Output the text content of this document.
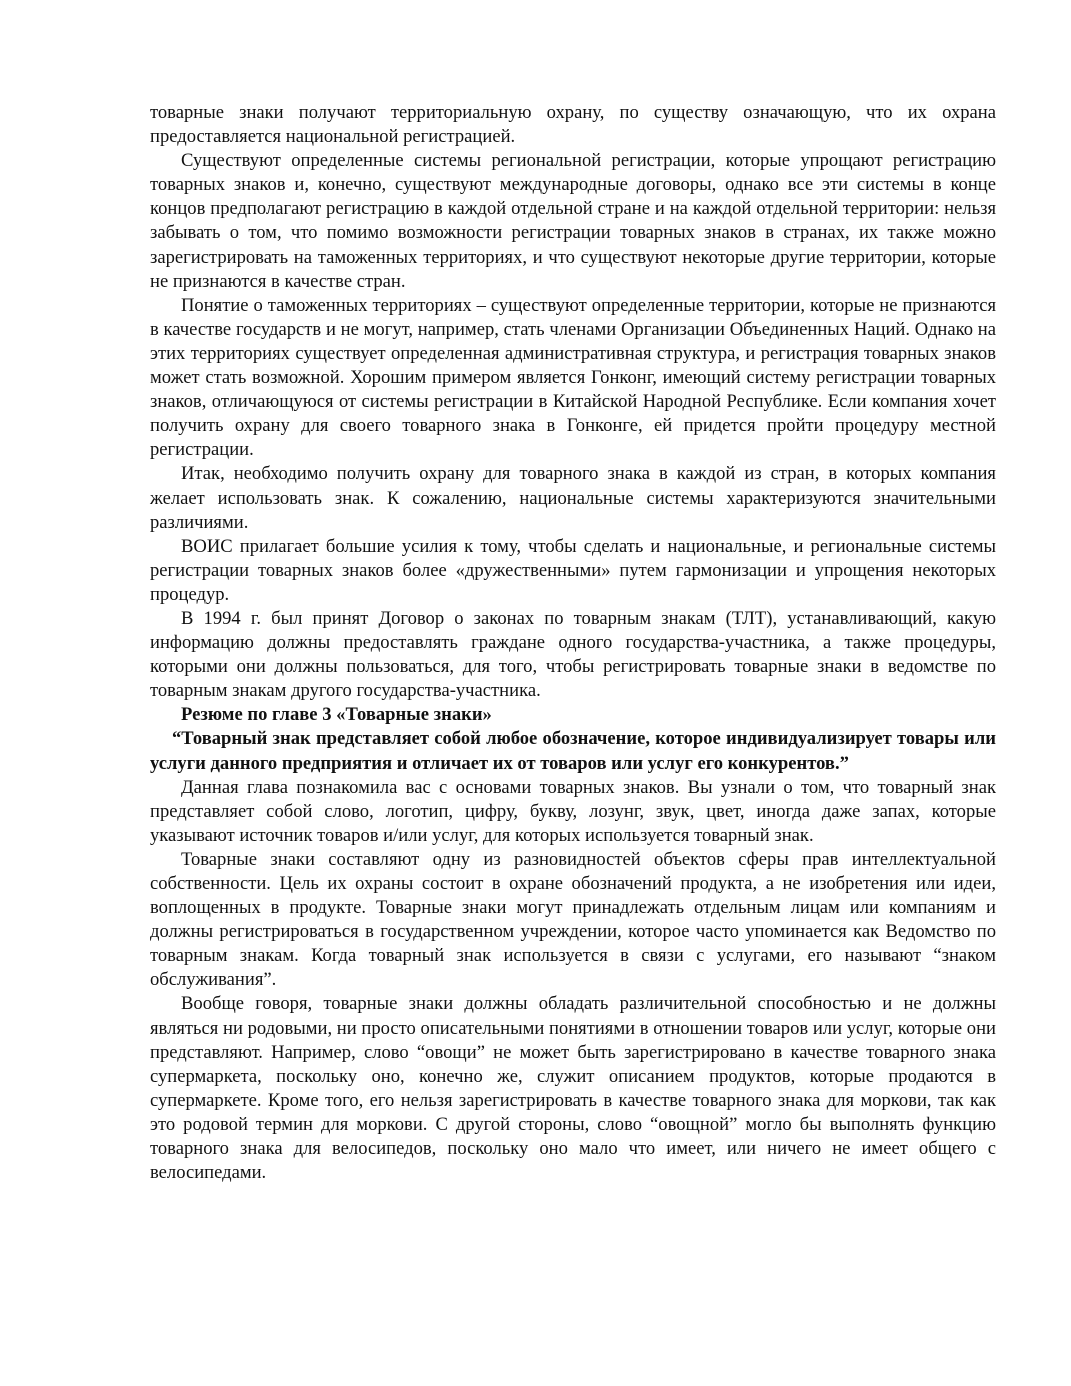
товарные знаки получают территориальную охрану, по существу означающую, что их охрана предоставляется национальной регистрацией.

Существуют определенные системы региональной регистрации, которые упрощают регистрацию товарных знаков и, конечно, существуют международные договоры, однако все эти системы в конце концов предполагают регистрацию в каждой отдельной стране и на каждой отдельной территории: нельзя забывать о том, что помимо возможности регистрации товарных знаков в странах, их также можно зарегистрировать на таможенных территориях, и что существуют некоторые другие территории, которые не признаются в качестве стран.

Понятие о таможенных территориях – существуют определенные территории, которые не признаются в качестве государств и не могут, например, стать членами Организации Объединенных Наций. Однако на этих территориях существует определенная административная структура, и регистрация товарных знаков может стать возможной. Хорошим примером является Гонконг, имеющий систему регистрации товарных знаков, отличающуюся от системы регистрации в Китайской Народной Республике. Если компания хочет получить охрану для своего товарного знака в Гонконге, ей придется пройти процедуру местной регистрации.

Итак, необходимо получить охрану для товарного знака в каждой из стран, в которых компания желает использовать знак. К сожалению, национальные системы характеризуются значительными различиями.

ВОИС прилагает большие усилия к тому, чтобы сделать и национальные, и региональные системы регистрации товарных знаков более «дружественными» путем гармонизации и упрощения некоторых процедур.

В 1994 г. был принят Договор о законах по товарным знакам (ТЛТ), устанавливающий, какую информацию должны предоставлять граждане одного государства-участника, а также процедуры, которыми они должны пользоваться, для того, чтобы регистрировать товарные знаки в ведомстве по товарным знакам другого государства-участника.

Резюме по главе 3 «Товарные знаки»

“Товарный знак представляет собой любое обозначение, которое индивидуализирует товары или услуги данного предприятия и отличает их от товаров или услуг его конкурентов.”

Данная глава познакомила вас с основами товарных знаков. Вы узнали о том, что товарный знак представляет собой слово, логотип, цифру, букву, лозунг, звук, цвет, иногда даже запах, которые указывают источник товаров и/или услуг, для которых используется товарный знак.

Товарные знаки составляют одну из разновидностей объектов сферы прав интеллектуальной собственности. Цель их охраны состоит в охране обозначений продукта, а не изобретения или идеи, воплощенных в продукте. Товарные знаки могут принадлежать отдельным лицам или компаниям и должны регистрироваться в государственном учреждении, которое часто упоминается как Ведомство по товарным знакам. Когда товарный знак используется в связи с услугами, его называют “знаком обслуживания”.

Вообще говоря, товарные знаки должны обладать различительной способностью и не должны являться ни родовыми, ни просто описательными понятиями в отношении товаров или услуг, которые они представляют. Например, слово “овощи” не может быть зарегистрировано в качестве товарного знака супермаркета, поскольку оно, конечно же, служит описанием продуктов, которые продаются в супермаркете. Кроме того, его нельзя зарегистрировать в качестве товарного знака для моркови, так как это родовой термин для моркови. С другой стороны, слово “овощной” могло бы выполнять функцию товарного знака для велосипедов, поскольку оно мало что имеет, или ничего не имеет общего с велосипедами.
